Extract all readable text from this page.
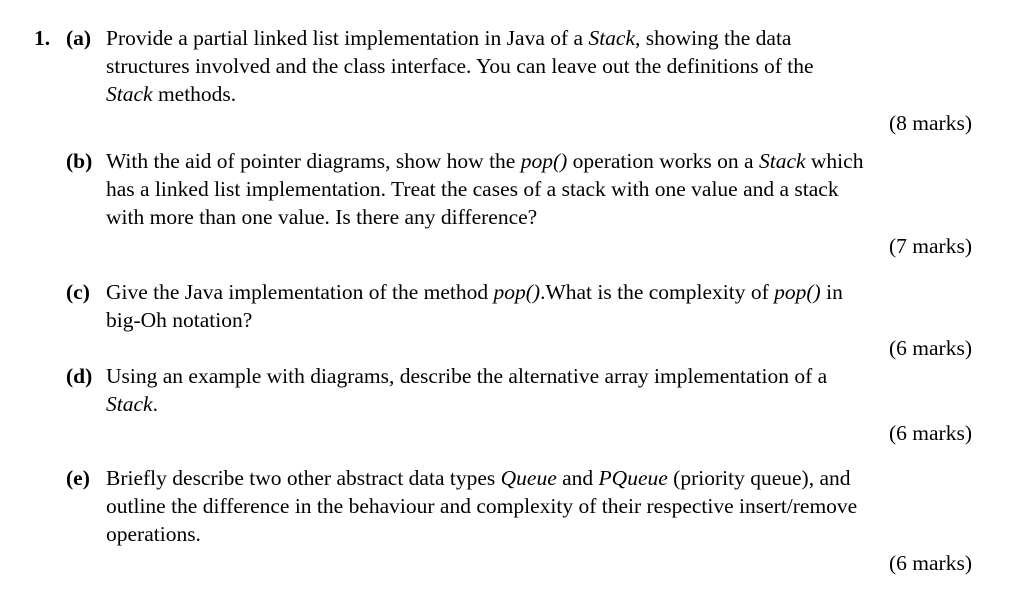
1. (a) Provide a partial linked list implementation in Java of a Stack, showing the data
structures involved and the class interface. You can leave out the definitions of the
Stack methods.
(8 marks)
(b) With the aid of pointer diagrams, show how the pop() operation works on a Stack which
has a linked list implementation. Treat the cases of a stack with one value and a stack
with more than one value. Is there any difference?
(7 marks)
(c) Give the Java implementation of the method pop().What is the complexity of pop() in
big-Oh notation?
(6 marks)
(d) Using an example with diagrams, describe the alternative array implementation of a
Stack.
(6 marks)
(e) Briefly describe two other abstract data types Queue and PQueue (priority queue), and
outline the difference in the behaviour and complexity of their respective insert/remove
operations.
(6 marks)
